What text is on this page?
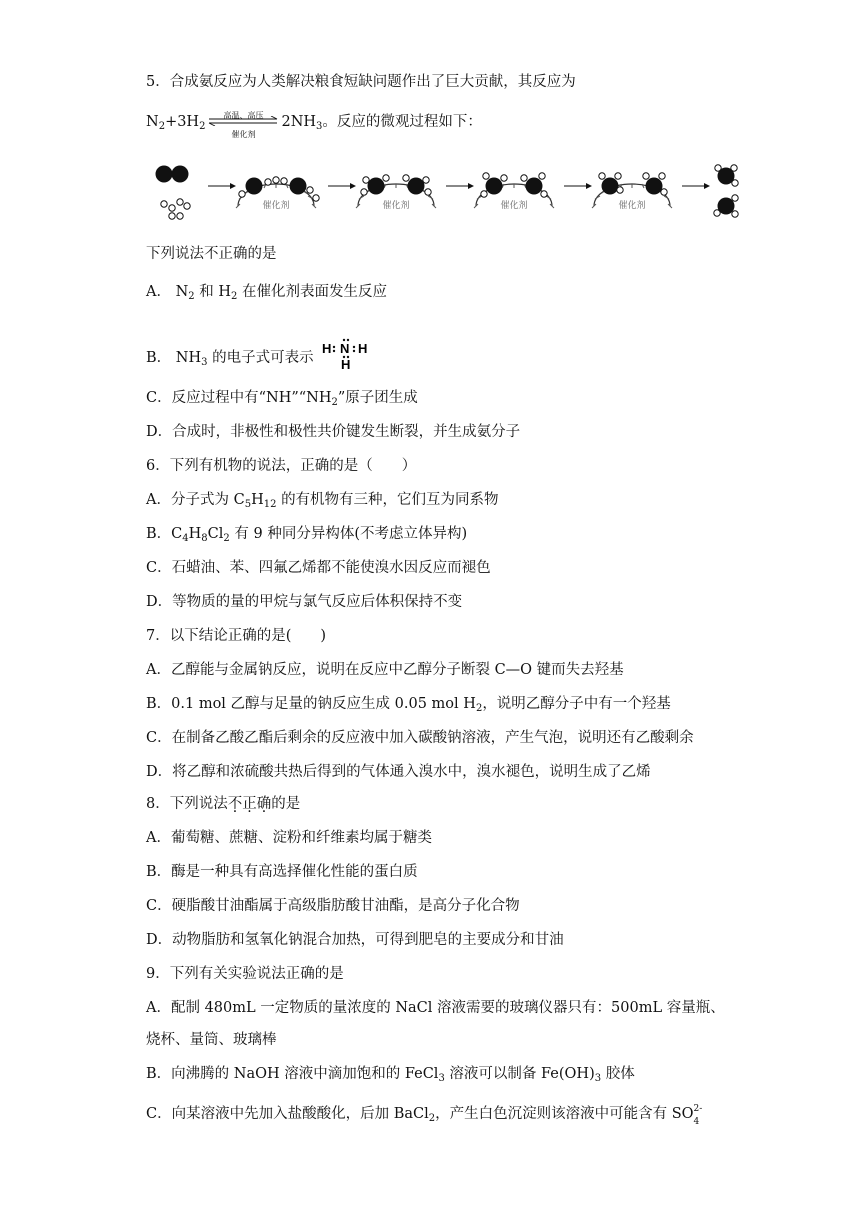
5．合成氨反应为人类解决粮食短缺问题作出了巨大贡献，其反应为
$N_2+3H_2$
高温、高压
催化剂
$2NH_3$。反应的微观过程如下：
催化剂	催化剂	催化剂	催化剂
下列说法不正确的是
A． $N_2$ 和 $H_2$ 在催化剂表面发生反应
B． $NH_3$ 的电子式可表示
H N H
H
C．反应过程中有“$NH”“NH_2$”原子团生成
D．合成时，非极性和极性共价键发生断裂，并生成氨分子
6．下列有机物的说法，正确的是（　　）
A．分子式为 $C_5H_{12}$ 的有机物有三种，它们互为同系物
B．$C_4H_8Cl_2$ 有 9 种同分异构体(不考虑立体异构)
C．石蜡油、苯、四氟乙烯都不能使溴水因反应而褪色
D．等物质的量的甲烷与氯气反应后体积保持不变
7．以下结论正确的是(　　)
A．乙醇能与金属钠反应，说明在反应中乙醇分子断裂 C—O 键而失去羟基
B．0.1 mol 乙醇与足量的钠反应生成 0.05 mol $H_2$，说明乙醇分子中有一个羟基
C．在制备乙酸乙酯后剩余的反应液中加入碳酸钠溶液，产生气泡，说明还有乙酸剩余
D．将乙醇和浓硫酸共热后得到的气体通入溴水中，溴水褪色，说明生成了乙烯
8．下列说法不正确的是
A．葡萄糖、蔗糖、淀粉和纤维素均属于糖类
B．酶是一种具有高选择催化性能的蛋白质
C．硬脂酸甘油酯属于高级脂肪酸甘油酯，是高分子化合物
D．动物脂肪和氢氧化钠混合加热，可得到肥皂的主要成分和甘油
9．下列有关实验说法正确的是
A．配制 480mL 一定物质的量浓度的 NaCl 溶液需要的玻璃仪器只有：500mL 容量瓶、
烧杯、量筒、玻璃棒
B．向沸腾的 NaOH 溶液中滴加饱和的 FeCl$_3$ 溶液可以制备 $Fe(OH)_3$ 胶体
C．向某溶液中先加入盐酸酸化，后加 BaCl$_2$，产生白色沉淀则该溶液中可能含有 SO 2-
4
